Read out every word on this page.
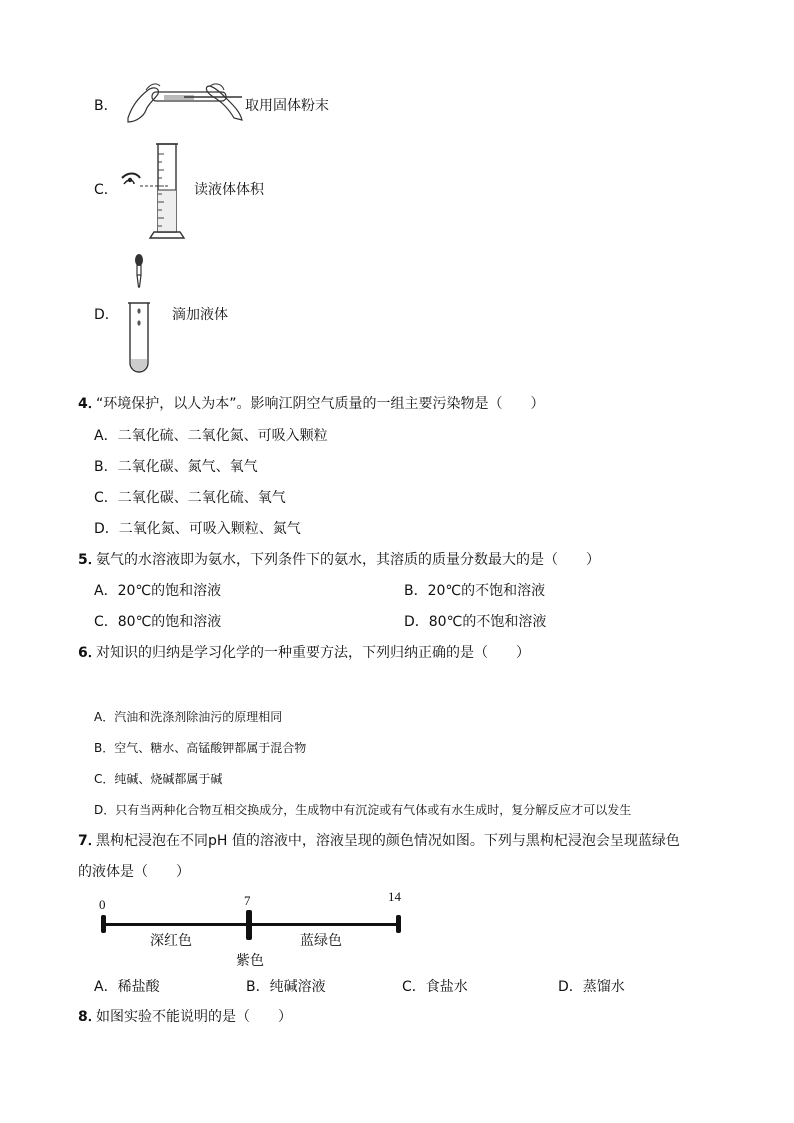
B．	取用固体粉末
C．	读液体体积
D．	滴加液体
4．
“环境保护，以人为本”。影响江阴空气质量的一组主要污染物是（　　）
A．二氧化硫、二氧化氮、可吸入颗粒
B．二氧化碳、氮气、氧气
C．二氧化碳、二氧化硫、氧气
D．二氧化氮、可吸入颗粒、氮气
5．
氨气的水溶液即为氨水，下列条件下的氨水，其溶质的质量分数最大的是（　　）
A．20℃的饱和溶液	B．20℃的不饱和溶液
C．80℃的饱和溶液	D．80℃的不饱和溶液
6．
对知识的归纳是学习化学的一种重要方法，下列归纳正确的是（　　）
A．汽油和洗涤剂除油污的原理相同
B．空气、糖水、高锰酸钾都属于混合物
C．纯碱、烧碱都属于碱
D．只有当两种化合物互相交换成分，生成物中有沉淀或有气体或有水生成时，复分解反应才可以发生
7．
黑枸杞浸泡在不同pH 值的溶液中，溶液呈现的颜色情况如图。下列与黑枸杞浸泡会呈现蓝绿色
的液体是（　　）
0	7	14
深红色	蓝绿色
紫色
A．稀盐酸	B．纯碱溶液	C．食盐水	D．蒸馏水
8．
如图实验不能说明的是（　　）
